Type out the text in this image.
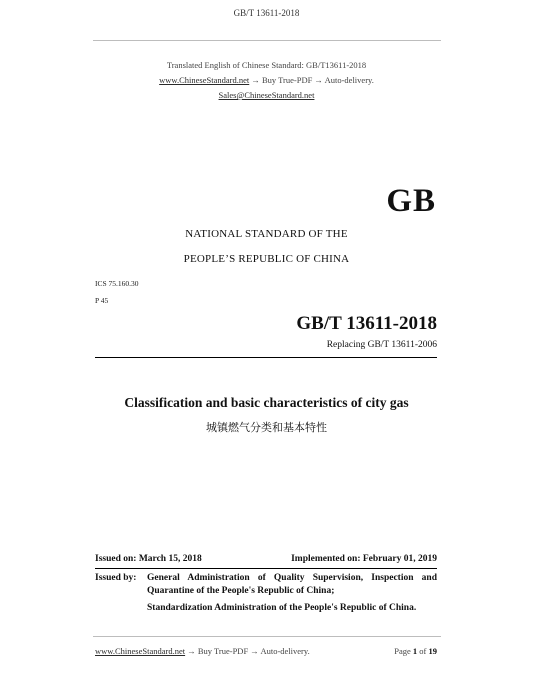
GB/T 13611-2018
Translated English of Chinese Standard: GB/T13611-2018
www.ChineseStandard.net → Buy True-PDF → Auto-delivery.
Sales@ChineseStandard.net
GB
NATIONAL STANDARD OF THE
PEOPLE’S REPUBLIC OF CHINA
ICS 75.160.30
P 45
GB/T 13611-2018
Replacing GB/T 13611-2006
Classification and basic characteristics of city gas
城镇燃气分类和基本特性
Issued on: March 15, 2018	Implemented on: February 01, 2019
Issued by: General Administration of Quality Supervision, Inspection and Quarantine of the People's Republic of China;

Standardization Administration of the People's Republic of China.

www.ChineseStandard.net → Buy True-PDF → Auto-delivery.	Page 1 of 19
